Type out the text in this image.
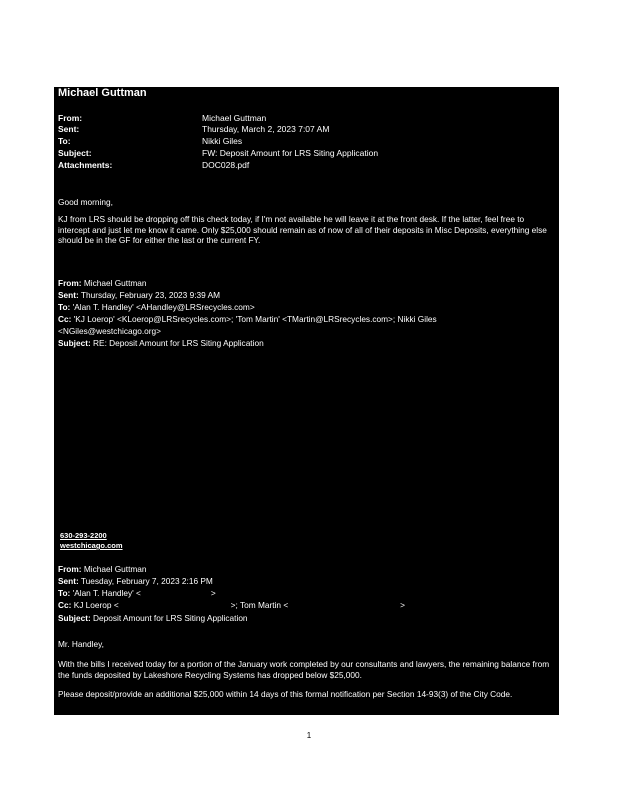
Michael Guttman
From:	Michael Guttman
Sent:	Thursday, March 2, 2023 7:07 AM
To:	Nikki Giles
Subject:	FW: Deposit Amount for LRS Siting Application
Attachments:	DOC028.pdf
Good morning,
KJ from LRS should be dropping off this check today, if I'm not available he will leave it at the front desk. If the latter, feel free to intercept and just let me know it came. Only $25,000 should remain as of now of all of their deposits in Misc Deposits, everything else should be in the GF for either the last or the current FY.
From: Michael Guttman
Sent: Thursday, February 23, 2023 9:39 AM
To: 'Alan T. Handley' <AHandley@LRSrecycles.com>
Cc: 'KJ Loerop' <KLoerop@LRSrecycles.com>; 'Tom Martin' <TMartin@LRSrecycles.com>; Nikki Giles
<NGiles@westchicago.org>
Subject: RE: Deposit Amount for LRS Siting Application
630-293-2200
westchicago.com
From: Michael Guttman
Sent: Tuesday, February 7, 2023 2:16 PM
To: 'Alan T. Handley' <	>
Cc: KJ Loerop <	>; Tom Martin <	>
Subject: Deposit Amount for LRS Siting Application
Mr. Handley,
With the bills I received today for a portion of the January work completed by our consultants and lawyers, the remaining balance from the funds deposited by Lakeshore Recycling Systems has dropped below $25,000.
Please deposit/provide an additional $25,000 within 14 days of this formal notification per Section 14-93(3) of the City Code.
1
